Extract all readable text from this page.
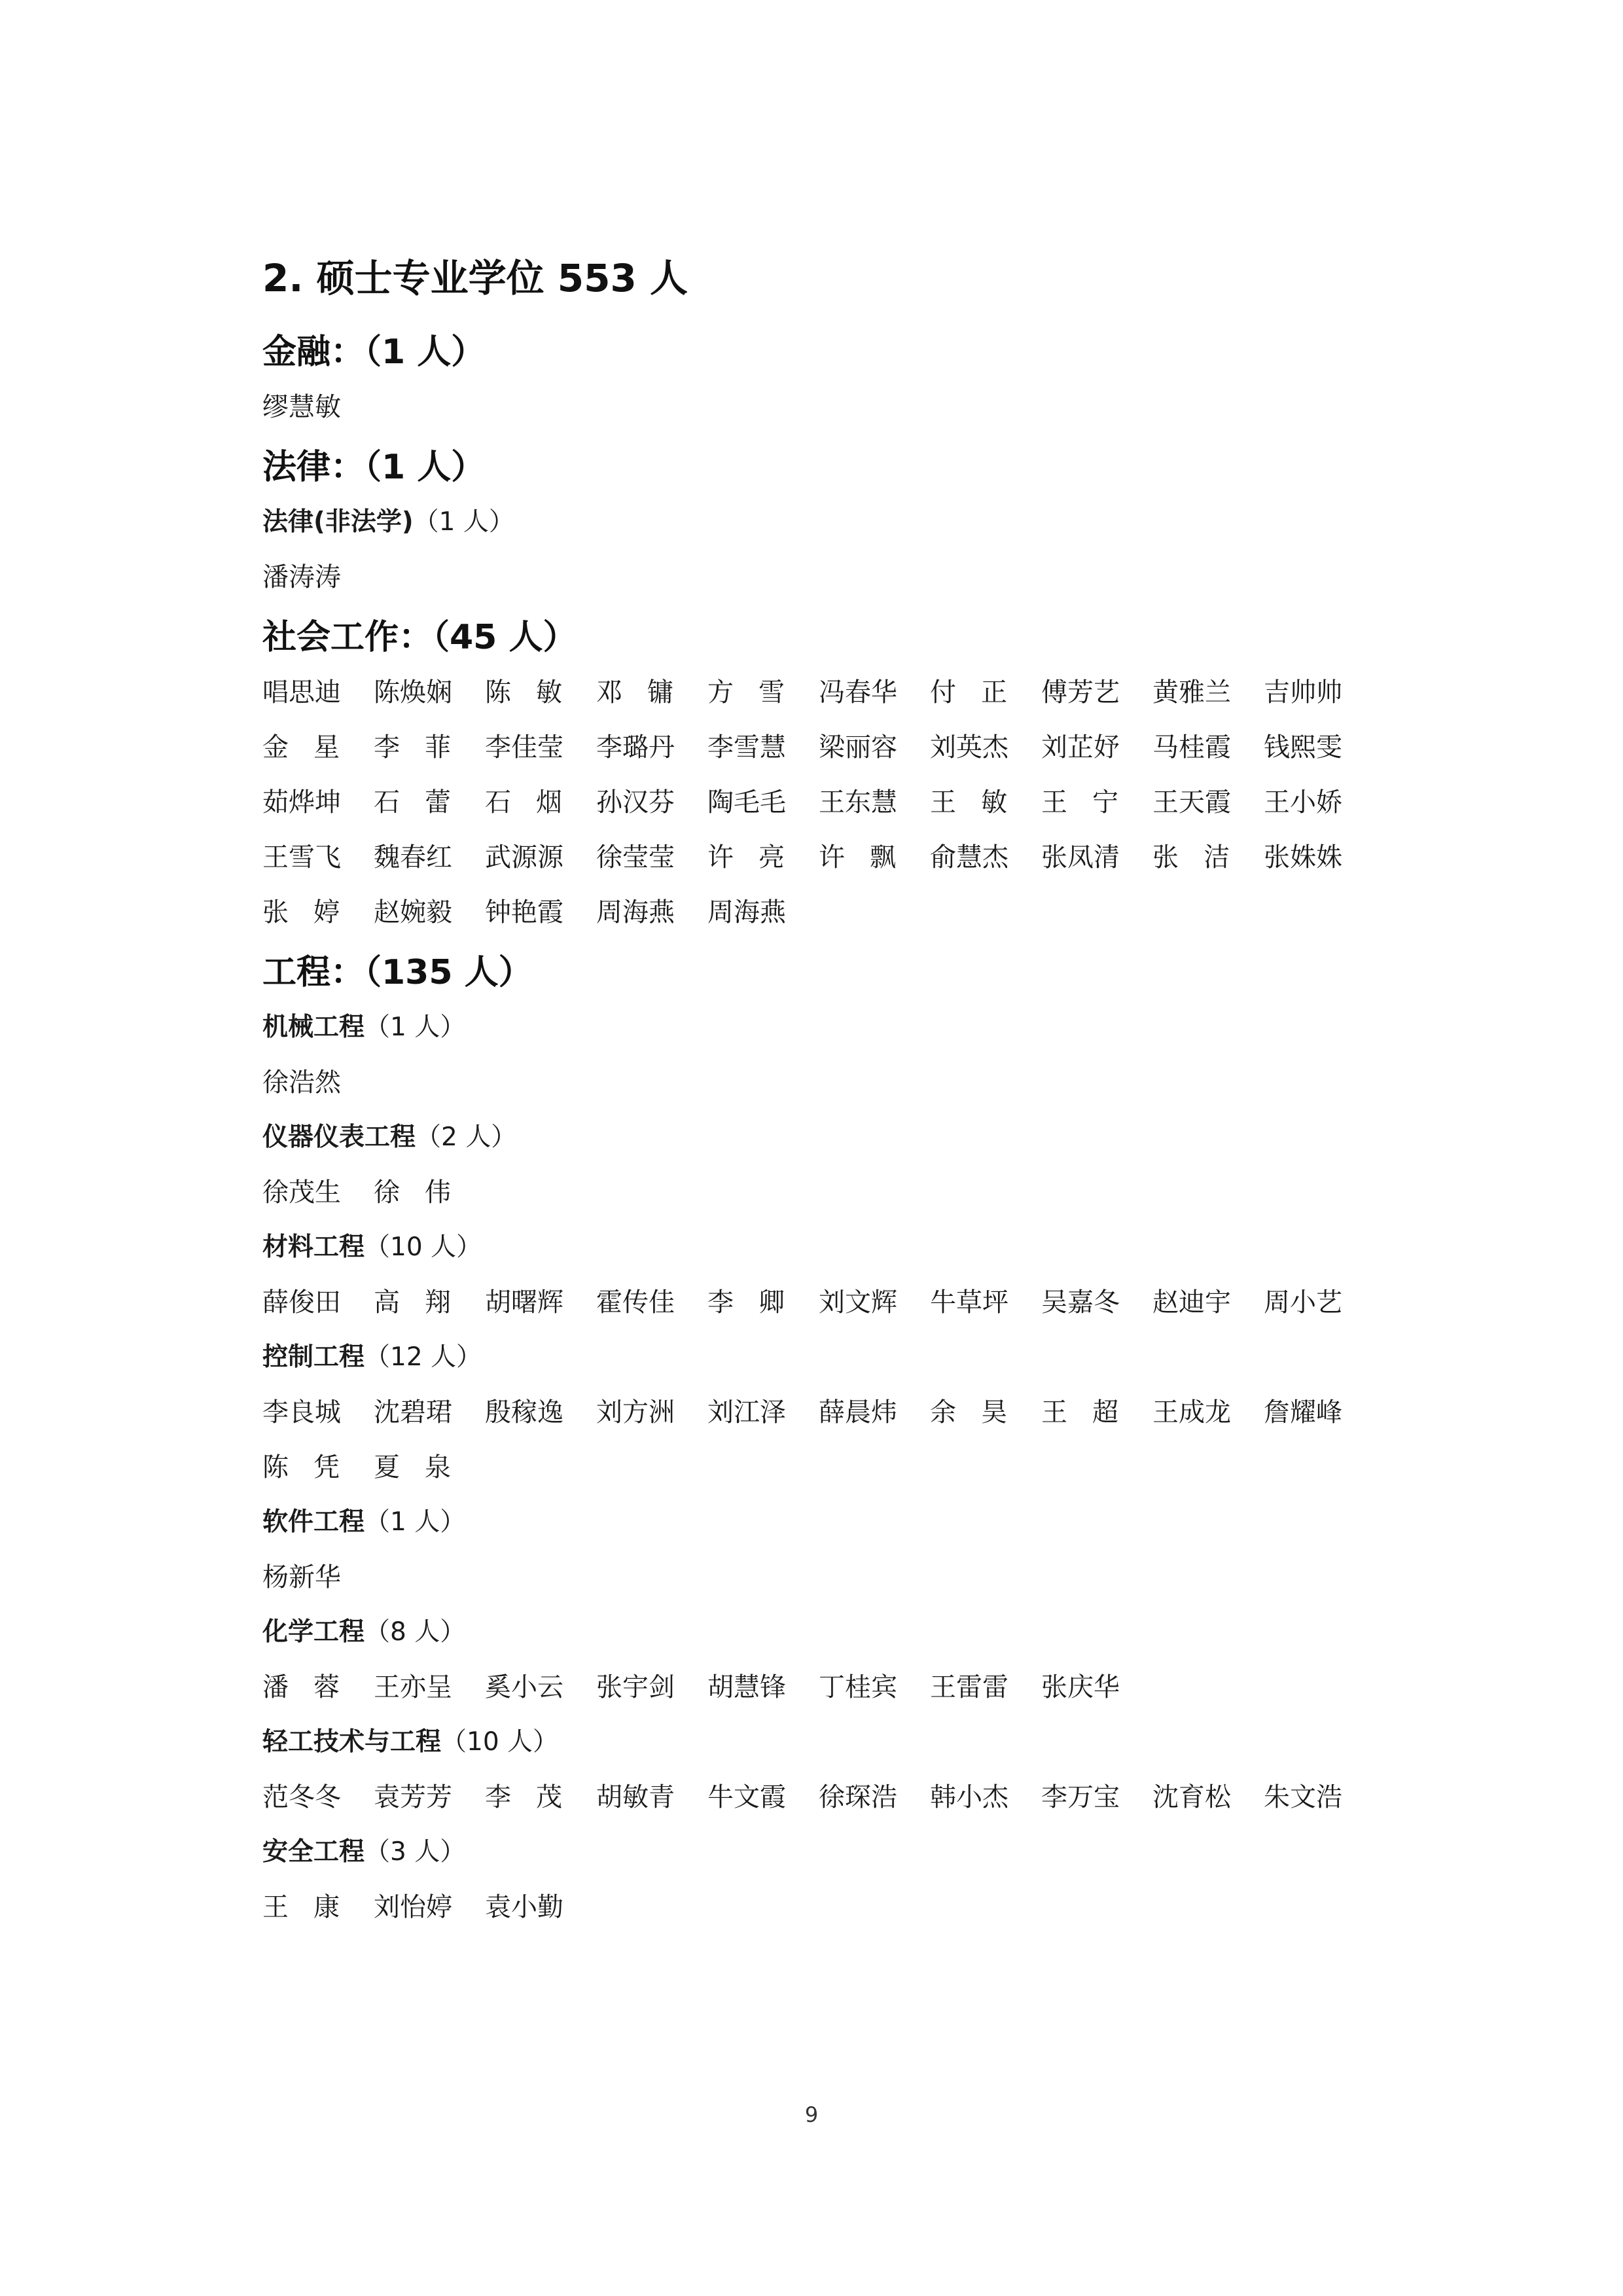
2. 硕士专业学位 553 人
金融：（1 人）
缪慧敏
法律：（1 人）
法律(非法学)（1 人）
潘涛涛
社会工作：（45 人）
唱思迪	陈焕娴	陈敏 邓镛 方雪 冯春华	付正 傅芳艺	黄雅兰	吉帅帅
金星 李菲 李佳莹	李璐丹	李雪慧	梁丽容	刘英杰	刘芷妤	马桂霞	钱熙雯
茹烨坤	石蕾 石烟 孙汉芬	陶毛毛	王东慧	王敏 王宁 王天霞	王小娇
王雪飞	魏春红	武源源	徐莹莹	许亮 许飘 俞慧杰	张凤清	张洁 张姝姝
张婷 赵婉毅	钟艳霞	周海燕	周海燕
工程：（135 人）
机械工程（1 人）
徐浩然
仪器仪表工程（2 人）
徐茂生	徐伟
材料工程（10 人）
薛俊田	高翔 胡曙辉	霍传佳	李卿 刘文辉	牛草坪	吴嘉冬	赵迪宇	周小艺
控制工程（12 人）
李良城	沈碧珺	殷稼逸	刘方洲	刘江泽	薛晨炜	余昊 王超 王成龙	詹耀峰
陈凭 夏泉
软件工程（1 人）
杨新华
化学工程（8 人）
潘蓉 王亦呈	奚小云	张宇剑	胡慧锋	丁桂宾	王雷雷	张庆华
轻工技术与工程（10 人）
范冬冬	袁芳芳	李茂 胡敏青	牛文霞	徐琛浩	韩小杰	李万宝	沈育松	朱文浩
安全工程（3 人）
王康 刘怡婷	袁小勤
9
